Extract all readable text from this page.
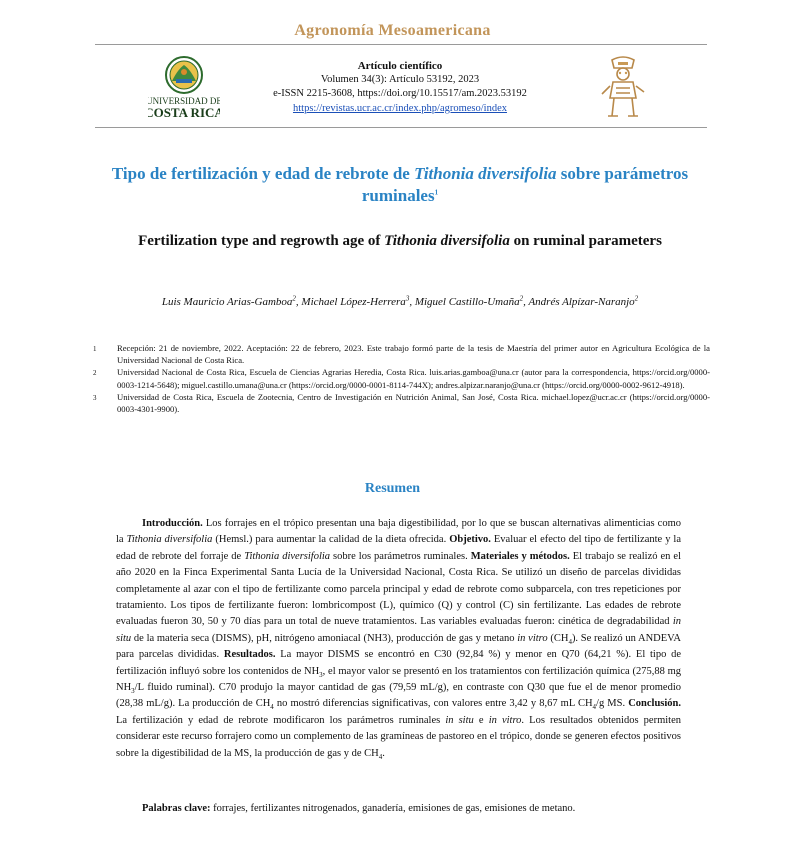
Agronomía Mesoamericana
UNIVERSIDAD DE
COSTA RICA
Artículo científico
Volumen 34(3): Artículo 53192, 2023
e-ISSN 2215-3608, https://doi.org/10.15517/am.2023.53192
https://revistas.ucr.ac.cr/index.php/agromeso/index
Tipo de fertilización y edad de rebrote de Tithonia diversifolia sobre parámetros ruminales$^1$
Fertilization type and regrowth age of Tithonia diversifolia on ruminal parameters
Luis Mauricio Arias-Gamboa$^2$, Michael López-Herrera$^3$, Miguel Castillo-Umaña$^2$, Andrés Alpízar-Naranjo$^2$
1	Recepción: 21 de noviembre, 2022. Aceptación: 22 de febrero, 2023. Este trabajo formó parte de la tesis de Maestría del primer autor en Agricultura Ecológica de la Universidad Nacional de Costa Rica.
2	Universidad Nacional de Costa Rica, Escuela de Ciencias Agrarias Heredia, Costa Rica. luis.arias.gamboa@una.cr (autor para la correspondencia, https://orcid.org/0000-0003-1214-5648); miguel.castillo.umana@una.cr (https://orcid.org/0000-0001-8114-744X); andres.alpizar.naranjo@una.cr (https://orcid.org/0000-0002-9612-4918).
3	Universidad de Costa Rica, Escuela de Zootecnia, Centro de Investigación en Nutrición Animal, San José, Costa Rica. michael.lopez@ucr.ac.cr (https://orcid.org/0000-0003-4301-9900).
Resumen
Introducción. Los forrajes en el trópico presentan una baja digestibilidad, por lo que se buscan alternativas alimenticias como la Tithonia diversifolia (Hemsl.) para aumentar la calidad de la dieta ofrecida. Objetivo. Evaluar el efecto del tipo de fertilizante y la edad de rebrote del forraje de Tithonia diversifolia sobre los parámetros ruminales. Materiales y métodos. El trabajo se realizó en el año 2020 en la Finca Experimental Santa Lucía de la Universidad Nacional, Costa Rica. Se utilizó un diseño de parcelas divididas completamente al azar con el tipo de fertilizante como parcela principal y edad de rebrote como subparcela, con tres repeticiones por tratamiento. Los tipos de fertilizante fueron: lombricompost (L), químico (Q) y control (C) sin fertilizante. Las edades de rebrote evaluadas fueron 30, 50 y 70 días para un total de nueve tratamientos. Las variables evaluadas fueron: cinética de degradabilidad in situ de la materia seca (DISMS), pH, nitrógeno amoniacal (NH3), producción de gas y metano in vitro $(CH_4)$. Se realizó un ANDEVA para parcelas divididas. Resultados. La mayor DISMS se encontró en C30 (92,84 %) y menor en Q70 (64,21 %). El tipo de fertilización influyó sobre los contenidos de $NH_3$, el mayor valor se presentó en los tratamientos con fertilización química (275,88 mg $NH_3/L$ fluido ruminal). C70 produjo la mayor cantidad de gas (79,59 mL/g), en contraste con Q30 que fue el de menor promedio (28,38 mL/g). La producción de $CH_4$ no mostró diferencias significativas, con valores entre 3,42 y 8,67 mL $CH_4/g$ MS. Conclusión. La fertilización y edad de rebrote modificaron los parámetros ruminales in situ e in vitro. Los resultados obtenidos permiten considerar este recurso forrajero como un complemento de las gramíneas de pastoreo en el trópico, donde se generen efectos positivos sobre la digestibilidad de la MS, la producción de gas y de $CH_4$.
Palabras clave: forrajes, fertilizantes nitrogenados, ganadería, emisiones de gas, emisiones de metano.
